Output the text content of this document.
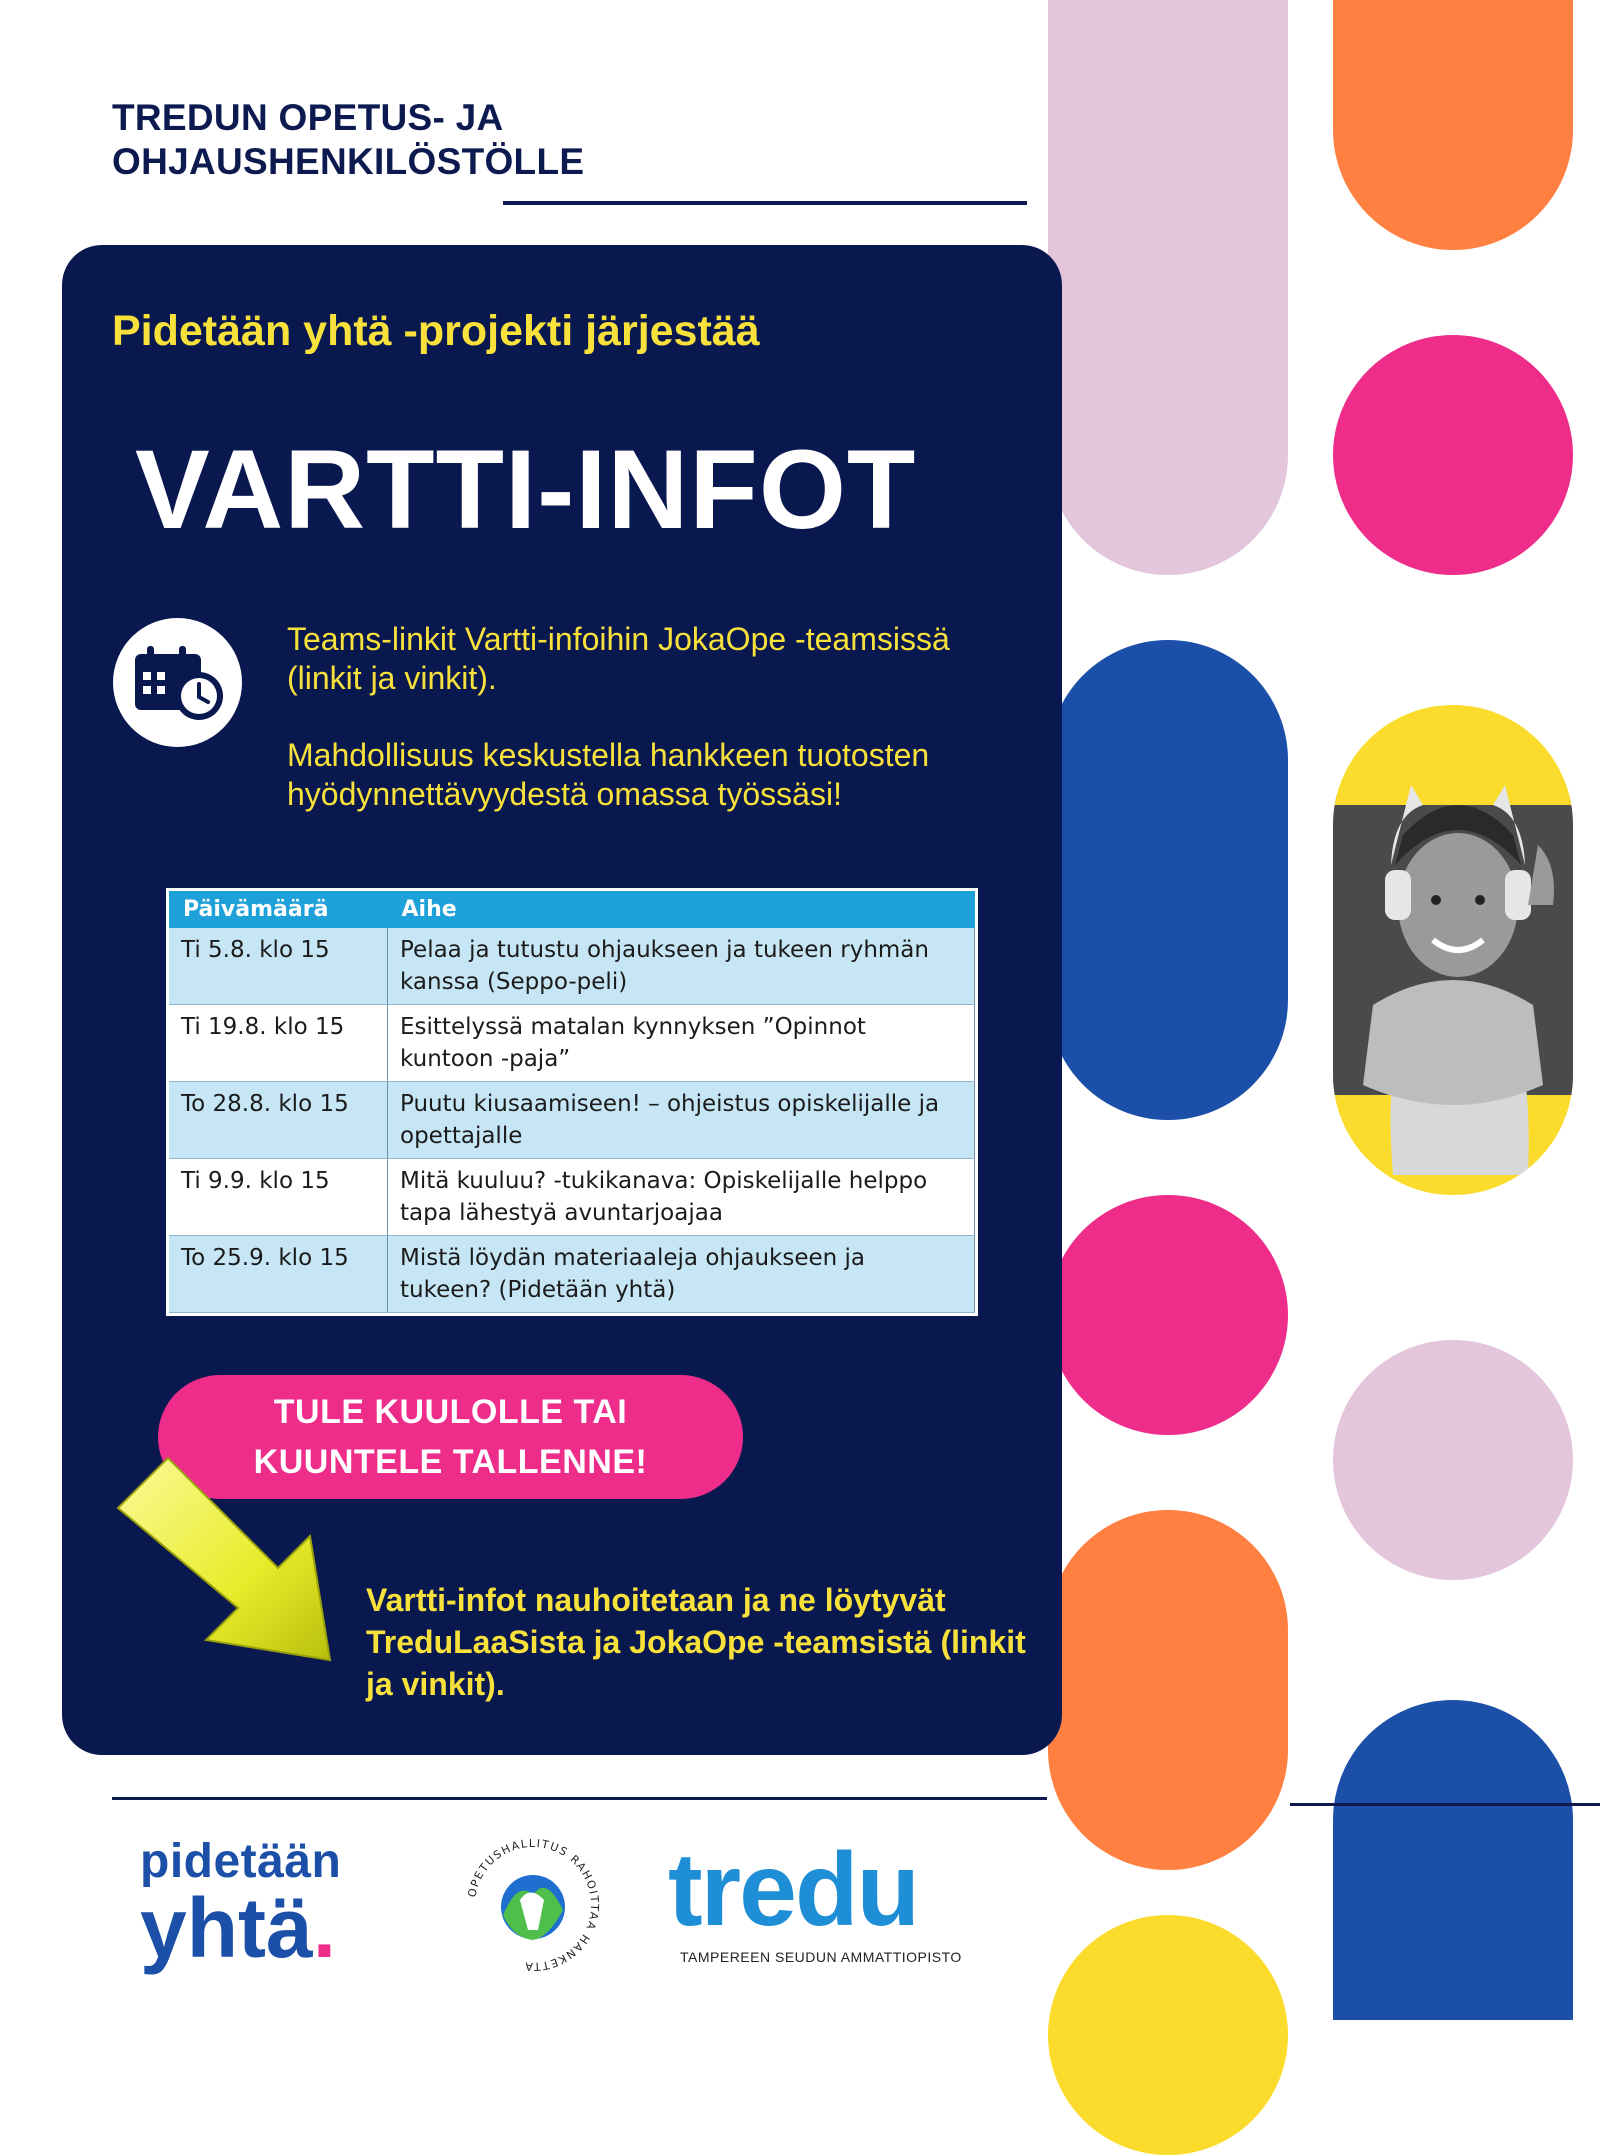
TREDUN OPETUS- JA
OHJAUSHENKILÖSTÖLLE
Pidetään yhtä -projekti järjestää
VARTTI-INFOT

Teams-linkit Vartti-infoihin JokaOpe -teamsissä (linkit ja vinkit).

Mahdollisuus keskustella hankkeen tuotosten hyödynnettävyydestä omassa työssäsi!

Päivämäärä	Aihe
Ti 5.8. klo 15	Pelaa ja tutustu ohjaukseen ja tukeen ryhmän kanssa (Seppo-peli)
Ti 19.8. klo 15	Esittelyssä matalan kynnyksen ”Opinnot kuntoon -paja”
To 28.8. klo 15	Puutu kiusaamiseen! – ohjeistus opiskelijalle ja opettajalle
Ti 9.9. klo 15	Mitä kuuluu? -tukikanava: Opiskelijalle helppo tapa lähestyä avuntarjoajaa
To 25.9. klo 15	Mistä löydän materiaaleja ohjaukseen ja tukeen? (Pidetään yhtä)
TULE KUULOLLE TAI
KUUNTELE TALLENNE!
Vartti-infot nauhoitetaan ja ne löytyvät TreduLaaSista ja JokaOpe -teamsistä (linkit ja vinkit).
pidetään
yhtä.	OPETUSHALLITUS RAHOITTAA HANKETTA
tredu
TAMPEREEN SEUDUN AMMATTIOPISTO
